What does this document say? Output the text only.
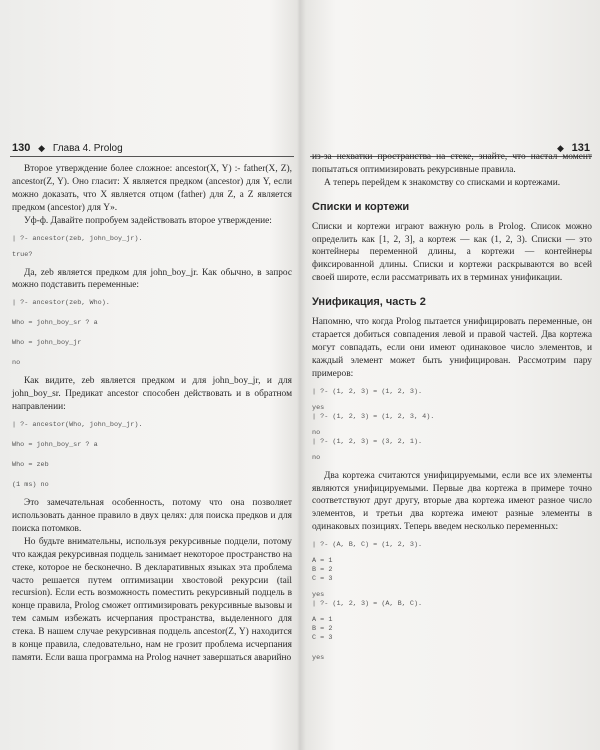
130 ◆ Глава 4. Prolog	◆ 131

Второе утверждение более сложное: ancestor(X, Y) :- father(X, Z), ancestor(Z, Y). Оно гласит: X является предком (ancestor) для Y, если можно доказать, что X является отцом (father) для Z, а Z является предком (ancestor) для Y».

Уф-ф. Давайте попробуем задействовать второе утверждение:

| ?- ancestor(zeb, john_boy_jr).
true?

Да, zeb является предком для john_boy_jr. Как обычно, в запрос можно подставить переменные:

| ?- ancestor(zeb, Who).
Who = john_boy_sr ? a
Who = john_boy_jr
no

Как видите, zeb является предком и для john_boy_jr, и для john_boy_sr. Предикат ancestor способен действовать и в обратном направлении:

| ?- ancestor(Who, john_boy_jr).
Who = john_boy_sr ? a
Who = zeb
(1 ms) no

Это замечательная особенность, потому что она позволяет использовать данное правило в двух целях: для поиска предков и для поиска потомков.

Но будьте внимательны, используя рекурсивные подцели, потому что каждая рекурсивная подцель занимает некоторое пространство на стеке, которое не бесконечно. В декларативных языках эта проблема часто решается путем оптимизации хвостовой рекурсии (tail recursion). Если есть возможность поместить рекурсивный подцель в конце правила, Prolog сможет оптимизировать рекурсивные вызовы и тем самым избежать исчерпания пространства, выделенного для стека. В нашем случае рекурсивная подцель ancestor(Z, Y) находится в конце правила, следовательно, нам не грозит проблема исчерпания памяти. Если ваша программа на Prolog начнет завершаться аварийно

из-за нехватки пространства на стеке, знайте, что настал момент попытаться оптимизировать рекурсивные правила.

А теперь перейдем к знакомству со списками и кортежами.

Списки и кортежи

Списки и кортежи играют важную роль в Prolog. Список можно определить как [1, 2, 3], а кортеж — как (1, 2, 3). Списки — это контейнеры переменной длины, а кортежи — контейнеры фиксированной длины. Списки и кортежи раскрываются во всей своей широте, если рассматривать их в терминах унификации.

Унификация, часть 2

Напомню, что когда Prolog пытается унифицировать переменные, он старается добиться совпадения левой и правой частей. Два кортежа могут совпадать, если они имеют одинаковое число элементов, и каждый элемент может быть унифицирован. Рассмотрим пару примеров:

| ?- (1, 2, 3) = (1, 2, 3).
yes
| ?- (1, 2, 3) = (1, 2, 3, 4).
no
| ?- (1, 2, 3) = (3, 2, 1).
no

Два кортежа считаются унифицируемыми, если все их элементы являются унифицируемыми. Первые два кортежа в примере точно соответствуют друг другу, вторые два кортежа имеют разное число элементов, и третьи два кортежа имеют разные элементы в одинаковых позициях. Теперь введем несколько переменных:

| ?- (A, B, C) = (1, 2, 3).
A = 1
B = 2
C = 3
yes
| ?- (1, 2, 3) = (A, B, C).
A = 1
B = 2
C = 3
yes
